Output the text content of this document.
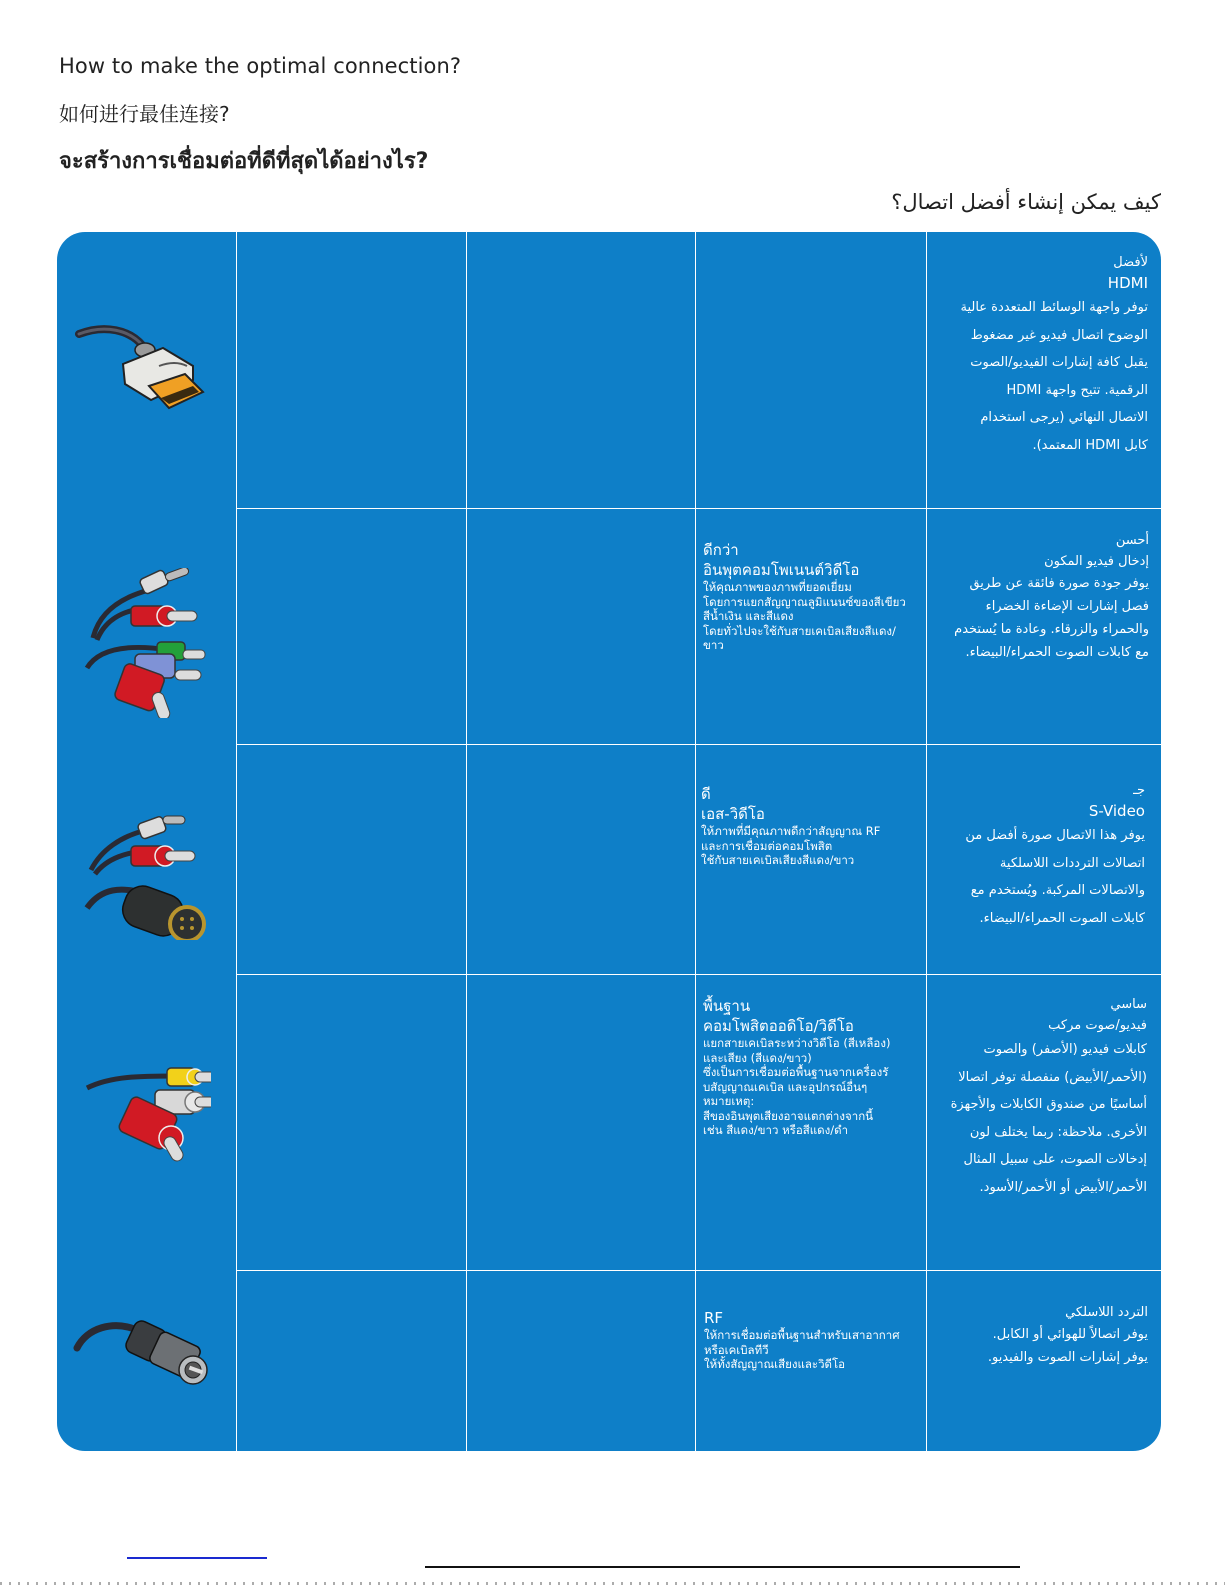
How to make the optimal connection?
如何进行最佳连接?
จะสร้างการเชื่อมต่อที่ดีที่สุดได้อย่างไร?
كيف يمكن إنشاء أفضل اتصال؟
لأفضل
HDMI
توفر واجهة الوسائط المتعددة عالية
الوضوح اتصال فيديو غير مضغوط
يقبل كافة إشارات الفيديو/الصوت
الرقمية. تتيح واجهة HDMI
الاتصال النهائي (يرجى استخدام
كابل HDMI المعتمد).
ดีกว่า
อินพุตคอมโพเนนต์วิดีโอ
ให้คุณภาพของภาพที่ยอดเยี่ยม
โดยการแยกสัญญาณลูมิแนนซ์ของสีเขียว
สีน้ำเงิน และสีแดง
โดยทั่วไปจะใช้กับสายเคเบิลเสียงสีแดง/
ขาว
أحسن
إدخال فيديو المكون
يوفر جودة صورة فائقة عن طريق
فصل إشارات الإضاءة الخضراء
والحمراء والزرقاء. وعادة ما يُستخدم
مع كابلات الصوت الحمراء/البيضاء.
ดี
เอส-วิดีโอ
ให้ภาพที่มีคุณภาพดีกว่าสัญญาณ RF
และการเชื่อมต่อคอมโพสิต
ใช้กับสายเคเบิลเสียงสีแดง/ขาว
جـ
S-Video
يوفر هذا الاتصال صورة أفضل من
اتصالات الترددات اللاسلكية
والاتصالات المركبة. ويُستخدم مع
كابلات الصوت الحمراء/البيضاء.
พื้นฐาน
คอมโพสิตออดิโอ/วิดีโอ
แยกสายเคเบิลระหว่างวิดีโอ (สีเหลือง)
และเสียง (สีแดง/ขาว)
ซึ่งเป็นการเชื่อมต่อพื้นฐานจากเครื่องรั
บสัญญาณเคเบิล และอุปกรณ์อื่นๆ
หมายเหตุ:
สีของอินพุตเสียงอาจแตกต่างจากนี้
เช่น สีแดง/ขาว หรือสีแดง/ดำ
ساسي
فيديو/صوت مركب
كابلات فيديو (الأصفر) والصوت
(الأحمر/الأبيض) منفصلة توفر اتصالا
أساسيًا من صندوق الكابلات والأجهزة
الأخرى. ملاحظة: ربما يختلف لون
إدخالات الصوت، على سبيل المثال
الأحمر/الأبيض أو الأحمر/الأسود.
RF
ให้การเชื่อมต่อพื้นฐานสำหรับเสาอากาศ
หรือเคเบิลทีวี
ให้ทั้งสัญญาณเสียงและวิดีโอ
التردد اللاسلكي
يوفر اتصالاً للهوائي أو الكابل.
يوفر إشارات الصوت والفيديو.
